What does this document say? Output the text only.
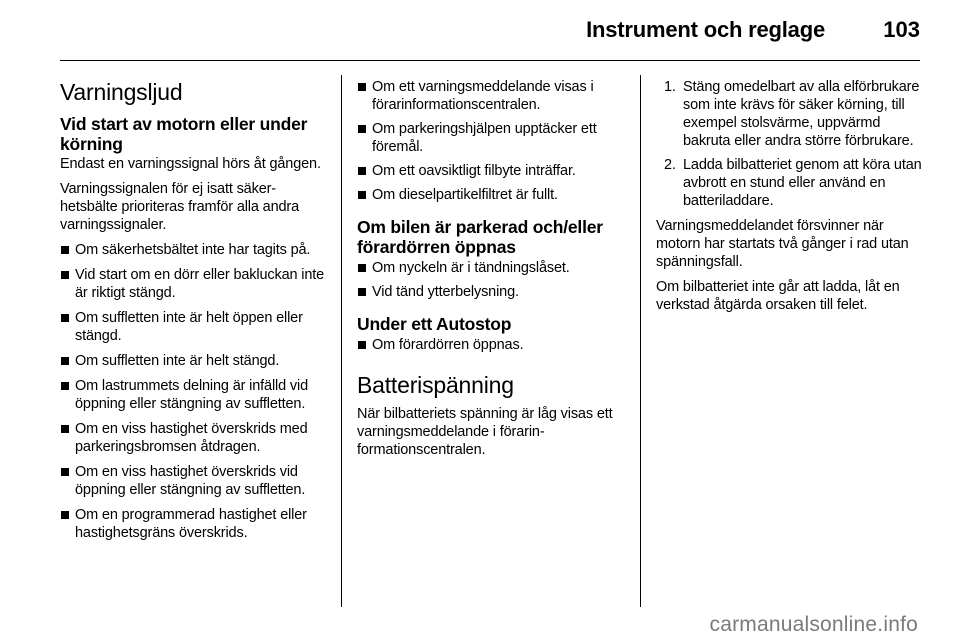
Instrument och reglage	103
Varningsljud
Vid start av motorn eller under körning

Endast en varningssignal hörs åt gången.

Varningssignalen för ej isatt säkerhetsbälte prioriteras framför alla andra varningssignaler.

Om säkerhetsbältet inte har tagits på.
Vid start om en dörr eller bakluckan inte är riktigt stängd.
Om suffletten inte är helt öppen eller stängd.
Om suffletten inte är helt stängd.
Om lastrummets delning är infälld vid öppning eller stängning av suffletten.
Om en viss hastighet överskrids med parkeringsbromsen åtdragen.
Om en viss hastighet överskrids vid öppning eller stängning av suffletten.
Om en programmerad hastighet eller hastighetsgräns överskrids.
Om ett varningsmeddelande visas i förarinformationscentralen.
Om parkeringshjälpen upptäcker ett föremål.
Om ett oavsiktligt filbyte inträffar.
Om dieselpartikelfiltret är fullt.
Om bilen är parkerad och/eller förardörren öppnas
Om nyckeln är i tändningslåset.
Vid tänd ytterbelysning.
Under ett Autostop
Om förardörren öppnas.
Batterispänning

När bilbatteriets spänning är låg visas ett varningsmeddelande i förarinformationscentralen.

1. Stäng omedelbart av alla elförbrukare som inte krävs för säker körning, till exempel stolsvärme, uppvärmd bakruta eller andra större förbrukare.
2. Ladda bilbatteriet genom att köra utan avbrott en stund eller använd en batteriladdare.

Varningsmeddelandet försvinner när motorn har startats två gånger i rad utan spänningsfall.

Om bilbatteriet inte går att ladda, låt en verkstad åtgärda orsaken till felet.

carmanualsonline.info
